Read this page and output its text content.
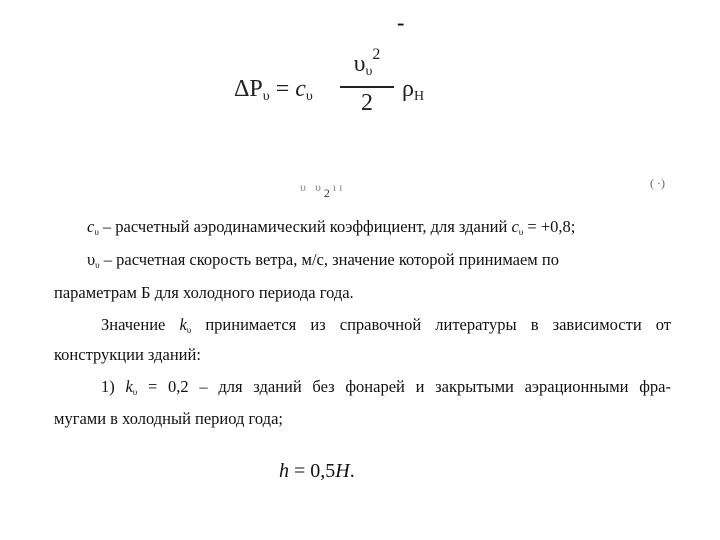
-
$\Delta P_\upsilon = c_\upsilon$
$\upsilon_\upsilon^2$
2
$\rho_Н$
υ   υ 2 ι ɪ	( ·)
cυ – расчетный аэродинамический коэффициент, для зданий cυ = +0,8;
υυ – расчетная скорость ветра, м/с, значение которой принимаем по
параметрам Б для холодного периода года.
Значение kυ принимается из справочной литературы в зависимости от
конструкции зданий:
1) kυ = 0,2 – для зданий без фонарей и закрытыми аэрационными фра-
мугами в холодный период года;
h = 0,5H.
